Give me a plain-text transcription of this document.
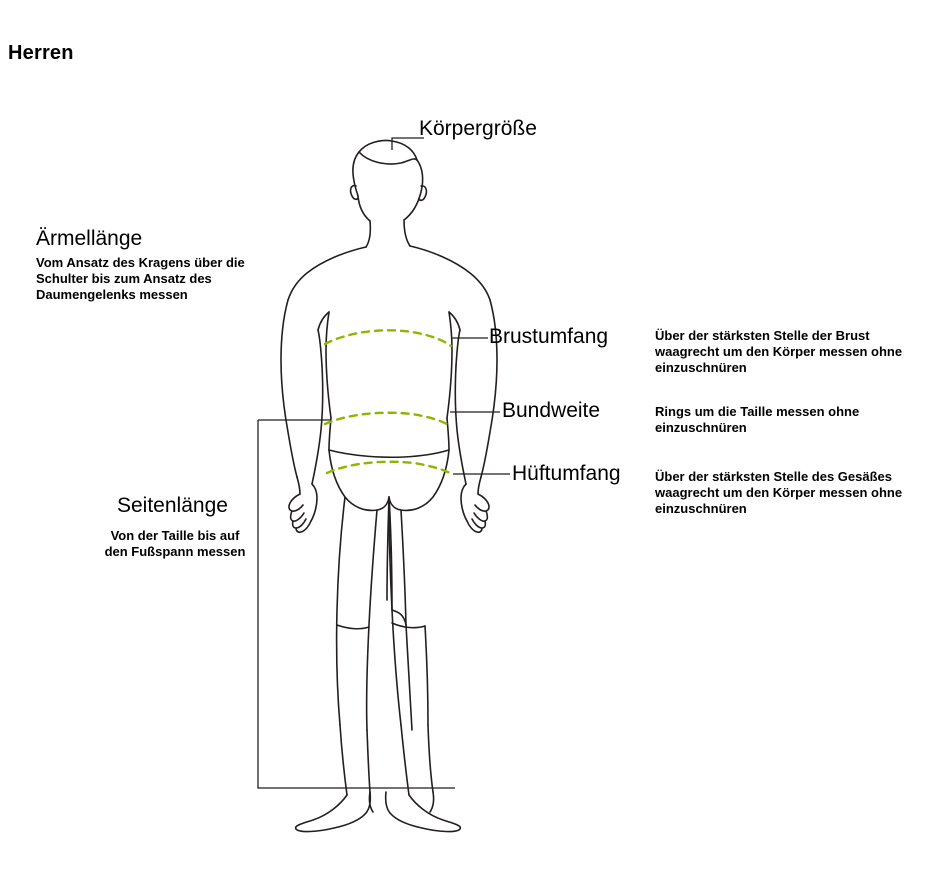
Herren
Körpergröße
Ärmellänge
Vom Ansatz des Kragens über die
Schulter bis zum Ansatz des
Daumengelenks messen
Brustumfang	Über der stärksten Stelle der Brust
waagrecht um den Körper messen ohne
einzuschnüren
Bundweite	Rings um die Taille messen ohne
einzuschnüren
Hüftumfang	Über der stärksten Stelle des Gesäßes
waagrecht um den Körper messen ohne
einzuschnüren
Seitenlänge
Von der Taille bis auf
den Fußspann messen
